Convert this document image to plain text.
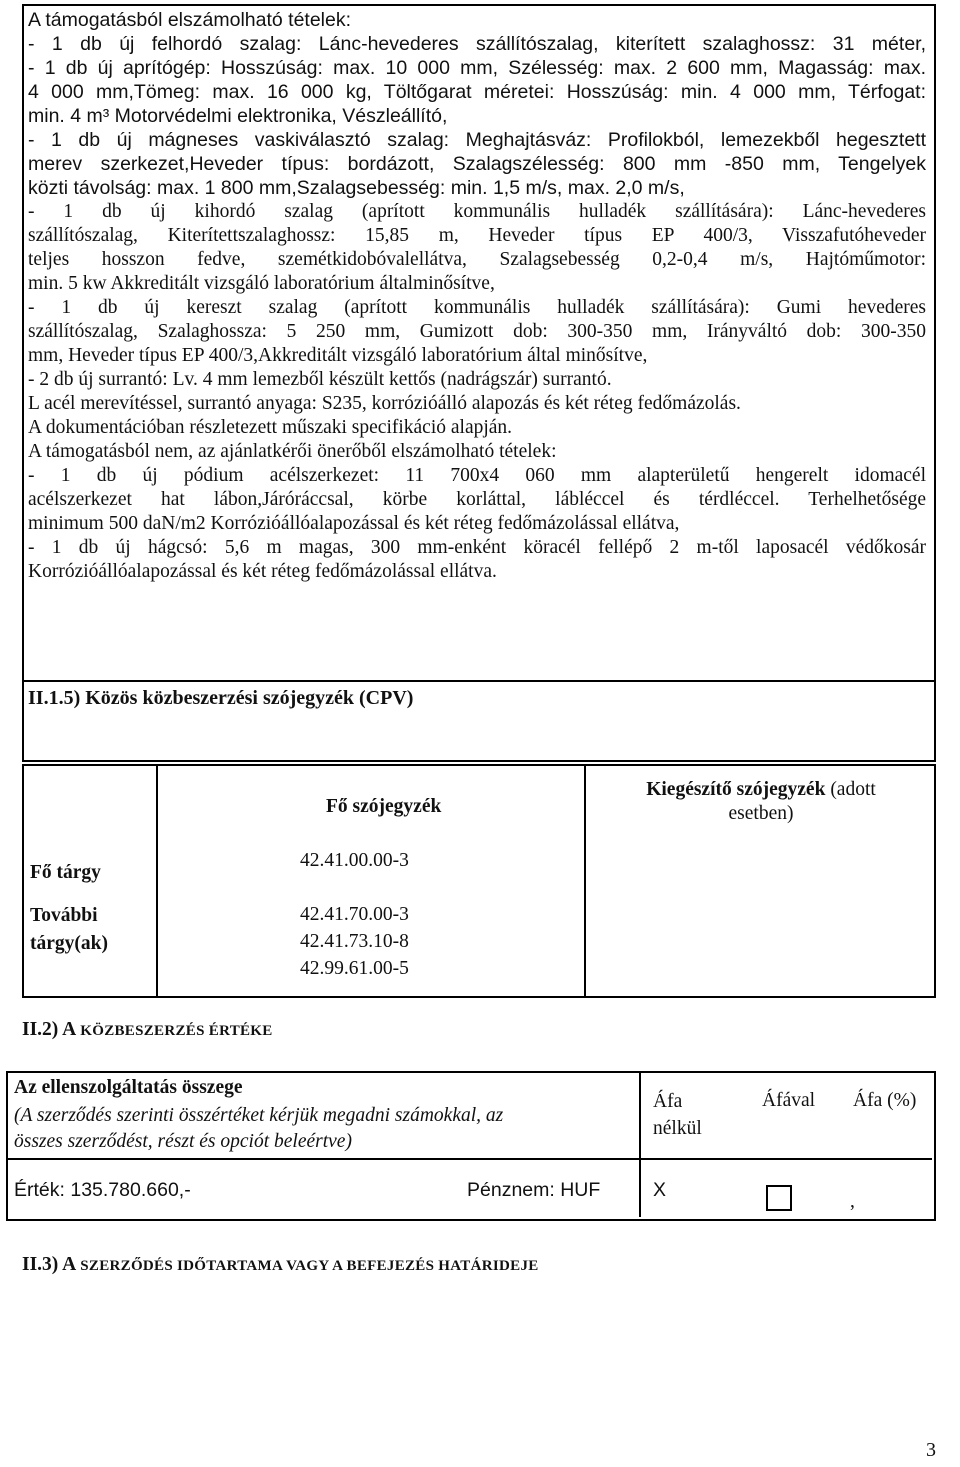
A támogatásból elszámolható tételek:
- 1 db új felhordó szalag: Lánc-hevederes szállítószalag, kiterített szalaghossz: 31 méter,
- 1 db új aprítógép: Hosszúság: max. 10 000 mm, Szélesség: max. 2 600 mm, Magasság: max.
4 000 mm,Tömeg: max. 16 000 kg, Töltőgarat méretei: Hosszúság: min. 4 000 mm, Térfogat:
min. 4 m³ Motorvédelmi elektronika, Vészleállító,
- 1 db új mágneses vaskiválasztó szalag: Meghajtásváz: Profilokból, lemezekből hegesztett
merev szerkezet,Heveder típus: bordázott, Szalagszélesség: 800 mm -850 mm, Tengelyek
közti távolság: max. 1 800 mm,Szalagsebesség: min. 1,5 m/s, max. 2,0 m/s,
- 1 db új kihordó szalag (aprított kommunális hulladék szállítására): Lánc-hevederes
szállítószalag, Kiterítettszalaghossz: 15,85 m, Heveder típus EP 400/3, Visszafutóheveder
teljes hosszon fedve, szemétkidobóvalellátva, Szalagsebesség 0,2-0,4 m/s, Hajtóműmotor:
min. 5 kw Akkreditált vizsgáló laboratórium általminősítve,
- 1 db új kereszt szalag (aprított kommunális hulladék szállítására): Gumi hevederes
szállítószalag, Szalaghossza: 5 250 mm, Gumizott dob: 300-350 mm, Irányváltó dob: 300-350
mm, Heveder típus EP 400/3,Akkreditált vizsgáló laboratórium által minősítve,
- 2 db új surrantó: Lv. 4 mm lemezből készült kettős (nadrágszár) surrantó.
L acél merevítéssel, surrantó anyaga: S235, korrózióálló alapozás és két réteg fedőmázolás.
A dokumentációban részletezett műszaki specifikáció alapján.
A támogatásból nem, az ajánlatkérői önerőből elszámolható tételek:
- 1 db új pódium acélszerkezet: 11 700x4 060 mm alapterületű hengerelt idomacél
acélszerkezet hat lábon,Járóráccsal, körbe korláttal, lábléccel és térdléccel. Terhelhetősége
minimum 500 daN/m2 Korrózióállóalapozással és két réteg fedőmázolással ellátva,
- 1 db új hágcsó: 5,6 m magas, 300 mm-enként köracél fellépő 2 m-től laposacél védőkosár
Korrózióállóalapozással és két réteg fedőmázolással ellátva.
II.1.5) Közös közbeszerzési szójegyzék (CPV)
Fő szójegyzék
Kiegészítő szójegyzék (adott
esetben)
Fő tárgy
42.41.00.00-3
További
tárgy(ak)
42.41.70.00-3
42.41.73.10-8
42.99.61.00-5
II.2) A KÖZBESZERZÉS ÉRTÉKE
Az ellenszolgáltatás összege
(A szerződés szerinti összértéket kérjük megadni számokkal, az
összes szerződést, részt és opciót beleértve)
Áfa
nélkül
Áfával Áfa (%)
Érték: 135.780.660,-	Pénznem: HUF	X
,
II.3) A SZERZŐDÉS IDŐTARTAMA VAGY A BEFEJEZÉS HATÁRIDEJE
3
